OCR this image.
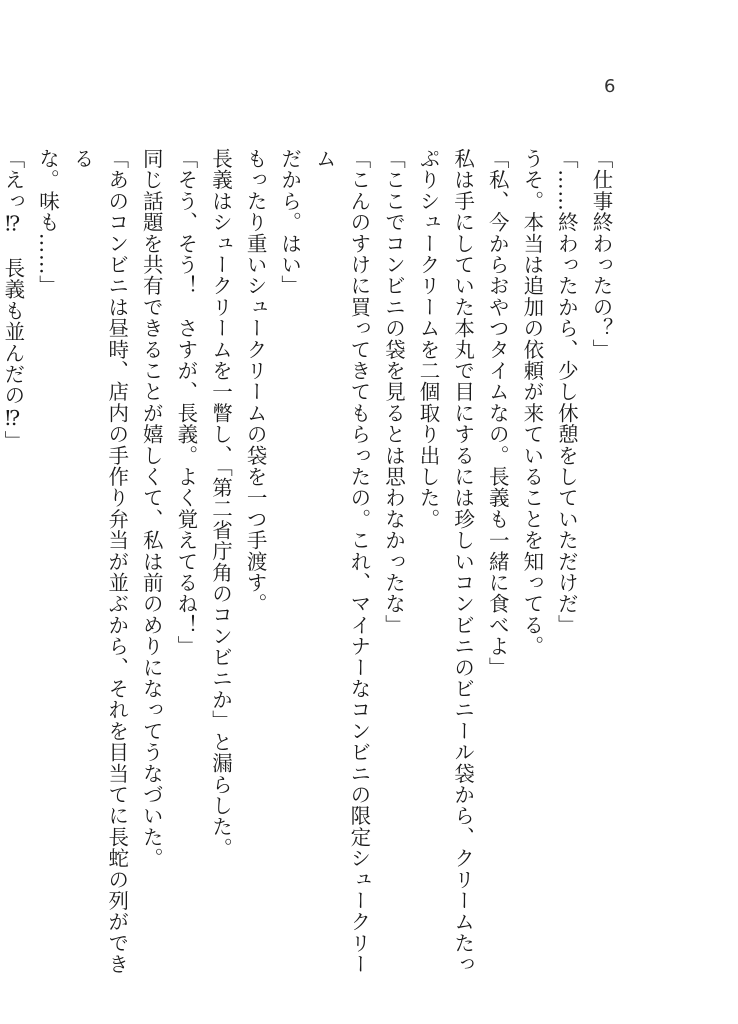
6

「仕事終わったの？」

「……終わったから、少し休憩をしていただけだ」

うそ。本当は追加の依頼が来ていることを知ってる。

「私、今からおやつタイムなの。長義も一緒に食べよ」

私は手にしていた本丸で目にするには珍しいコンビニのビニール袋から、クリームたっ

ぷりシュークリームを二個取り出した。

「ここでコンビニの袋を見るとは思わなかったな」

「こんのすけに買ってきてもらったの。これ、マイナーなコンビニの限定シュークリーム

だから。はい」

もったり重いシュークリームの袋を一つ手渡す。

長義はシュークリームを一瞥し、「第二省庁角のコンビニか」と漏らした。

「そう、そう！　さすが、長義。よく覚えてるね！」

同じ話題を共有できることが嬉しくて、私は前のめりになってうなづいた。

「あのコンビニは昼時、店内の手作り弁当が並ぶから、それを目当てに長蛇の列ができる

な。味も……」

「えっ⁉　長義も並んだの⁉」
